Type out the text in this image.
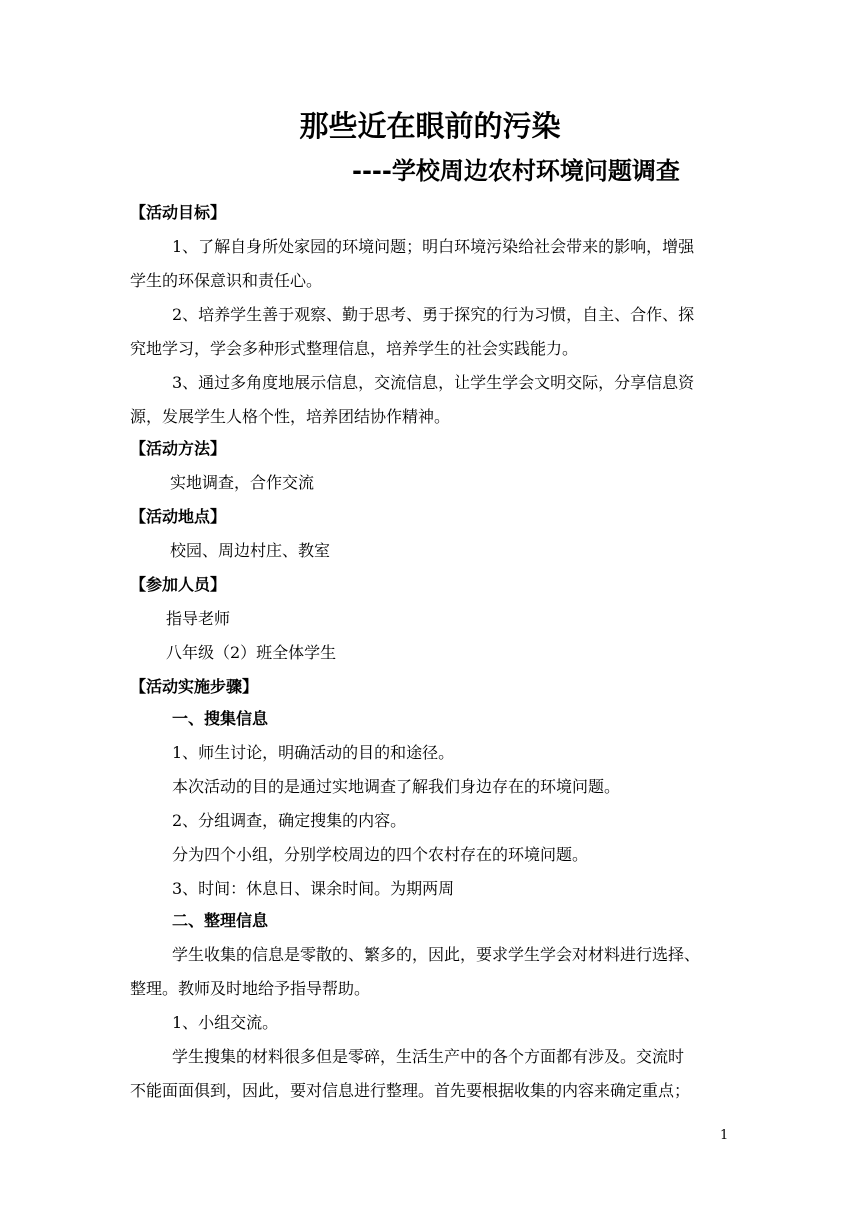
那些近在眼前的污染
----学校周边农村环境问题调查
【活动目标】
1、了解自身所处家园的环境问题；明白环境污染给社会带来的影响，增强
学生的环保意识和责任心。
2、培养学生善于观察、勤于思考、勇于探究的行为习惯，自主、合作、探
究地学习，学会多种形式整理信息，培养学生的社会实践能力。
3、通过多角度地展示信息，交流信息，让学生学会文明交际，分享信息资
源，发展学生人格个性，培养团结协作精神。
【活动方法】
实地调查，合作交流
【活动地点】
校园、周边村庄、教室
【参加人员】
指导老师
八年级（2）班全体学生
【活动实施步骤】
一、搜集信息
1、师生讨论，明确活动的目的和途径。
本次活动的目的是通过实地调查了解我们身边存在的环境问题。
2、分组调查，确定搜集的内容。
分为四个小组，分别学校周边的四个农村存在的环境问题。
3、时间：休息日、课余时间。为期两周
二、整理信息
学生收集的信息是零散的、繁多的，因此，要求学生学会对材料进行选择、
整理。教师及时地给予指导帮助。
1、小组交流。
学生搜集的材料很多但是零碎，生活生产中的各个方面都有涉及。交流时
不能面面俱到，因此，要对信息进行整理。首先要根据收集的内容来确定重点；
1
